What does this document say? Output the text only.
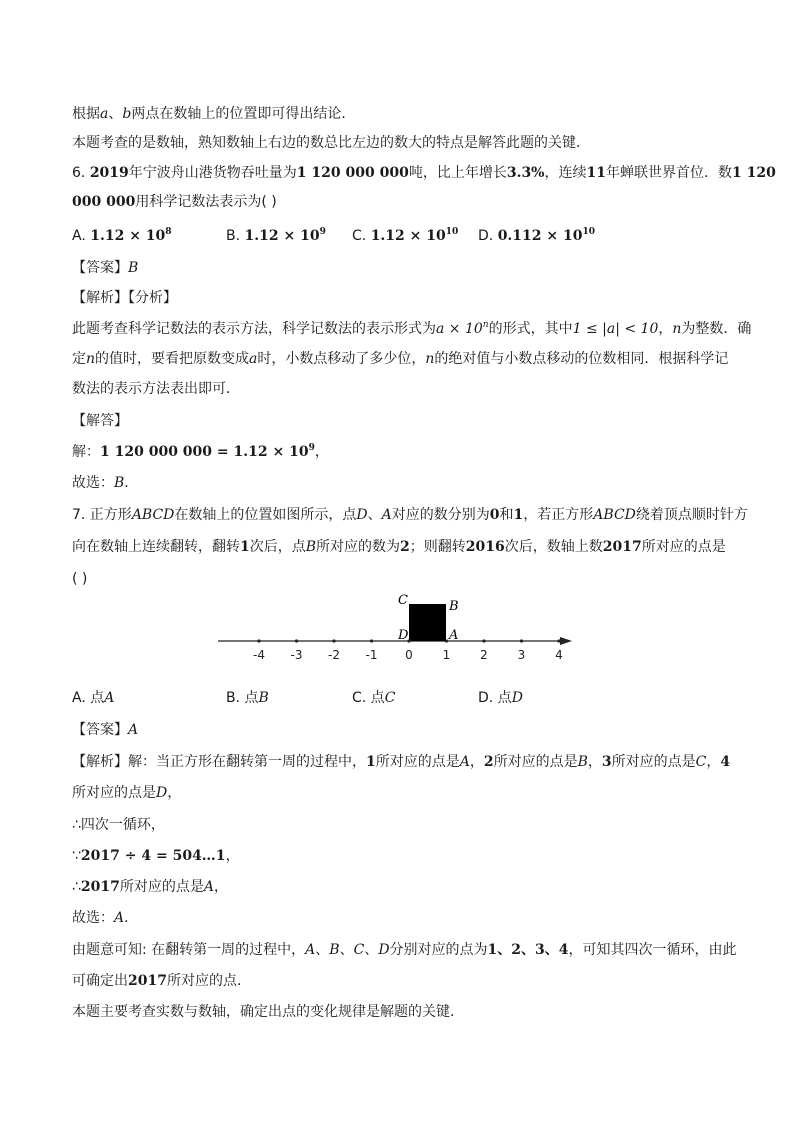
根据a、b两点在数轴上的位置即可得出结论．
本题考查的是数轴，熟知数轴上右边的数总比左边的数大的特点是解答此题的关键．
6. 2019年宁波舟山港货物吞吐量为1 120 000 000吨，比上年增长3.3%，连续11年蝉联世界首位．数1 120
000 000用科学记数法表示为( )
A. $1.12 \times 10^8$	B. $1.12 \times 10^9$ C. $1.12 \times 10^{10}$ D. $0.112 \times 10^{10}$
【答案】B
【解析】【分析】
此题考查科学记数法的表示方法，科学记数法的表示形式为$a \times 10^n$的形式，其中1 ≤ |a| < 10，n为整数．确
定n的值时，要看把原数变成a时，小数点移动了多少位，n的绝对值与小数点移动的位数相同．根据科学记
数法的表示方法表出即可．
【解答】
解：1 120 000 $000 = 1.12 \times 10^9$，
故选：B．
7. 正方形ABCD在数轴上的位置如图所示，点D、A对应的数分别为0和1，若正方形ABCD绕着顶点顺时针方
向在数轴上连续翻转，翻转1次后，点B所对应的数为2；则翻转2016次后，数轴上数2017所对应的点是
( )
A. 点A	B. 点B	C. 点C	D. 点D
【答案】A
【解析】解：当正方形在翻转第一周的过程中，1所对应的点是A，2所对应的点是B，3所对应的点是C，4
所对应的点是D，
∴四次一循环，
∵2017 ÷ 4 = 504…1，
∴2017所对应的点是A，
故选：A．
由题意可知: 在翻转第一周的过程中，A、B、C、D分别对应的点为1、2、3、4，可知其四次一循环，由此
可确定出2017所对应的点．
本题主要考查实数与数轴，确定出点的变化规律是解题的关键．
-4 -3 -2 -1 0 1 2 3 4
C	B
D	A
